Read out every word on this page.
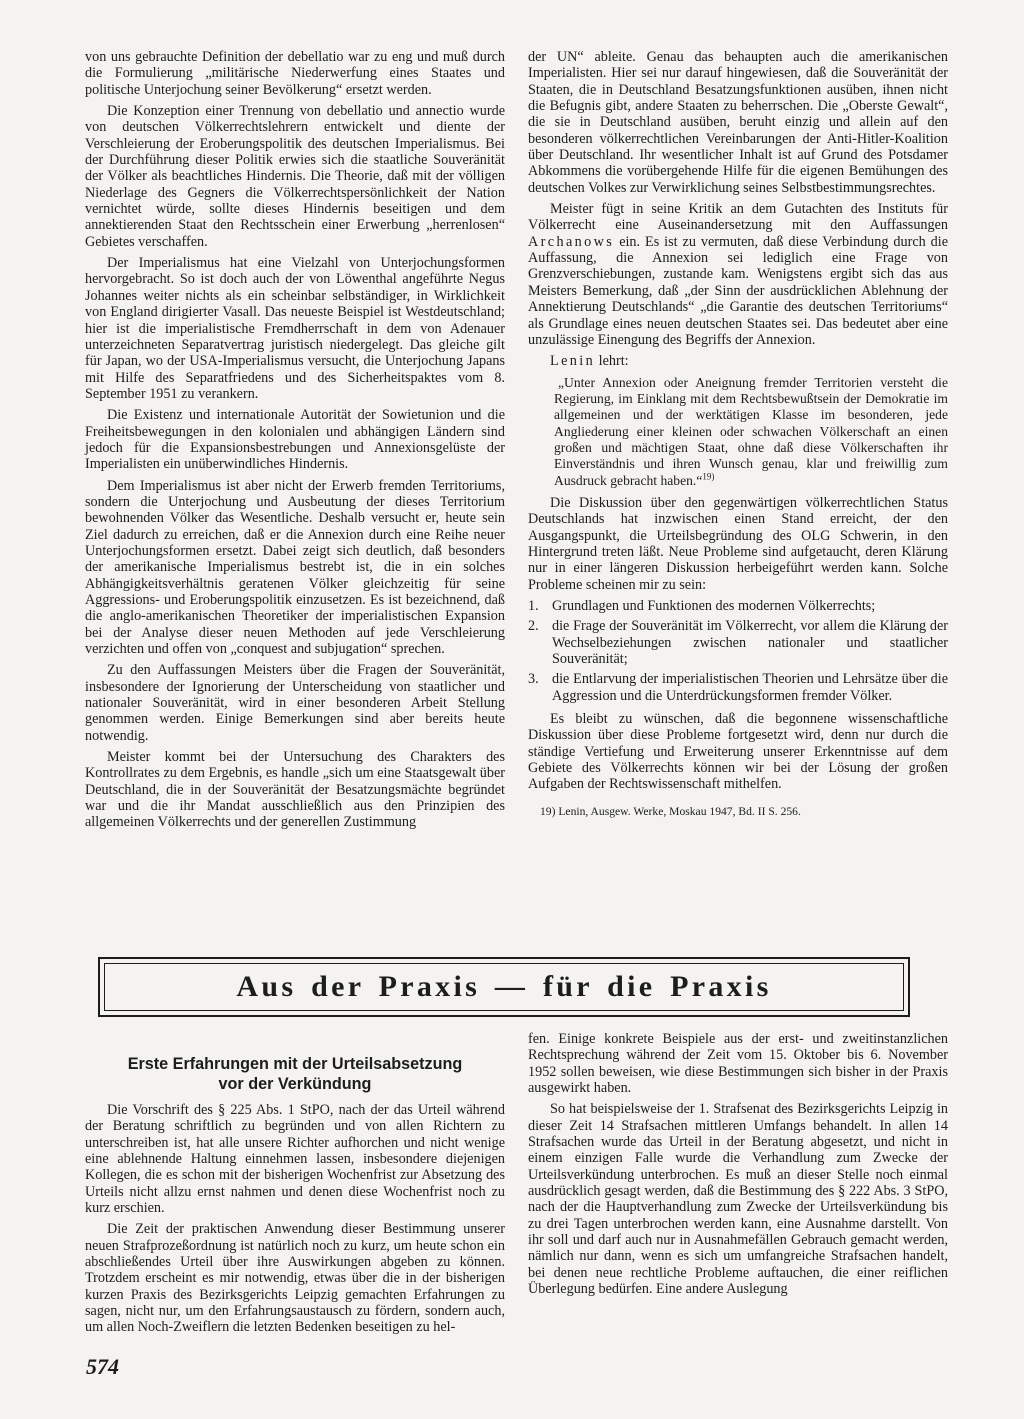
von uns gebrauchte Definition der debellatio war zu eng und muß durch die Formulierung „militärische Niederwerfung eines Staates und politische Unterjochung seiner Bevölkerung“ ersetzt werden.

Die Konzeption einer Trennung von debellatio und annectio wurde von deutschen Völkerrechtslehrern entwickelt und diente der Verschleierung der Eroberungspolitik des deutschen Imperialismus. Bei der Durchführung dieser Politik erwies sich die staatliche Souveränität der Völker als beachtliches Hindernis. Die Theorie, daß mit der völligen Niederlage des Gegners die Völkerrechtspersönlichkeit der Nation vernichtet würde, sollte dieses Hindernis beseitigen und dem annektierenden Staat den Rechtsschein einer Erwerbung „herrenlosen“ Gebietes verschaffen.

Der Imperialismus hat eine Vielzahl von Unterjochungsformen hervorgebracht. So ist doch auch der von Löwenthal angeführte Negus Johannes weiter nichts als ein scheinbar selbständiger, in Wirklichkeit von England dirigierter Vasall. Das neueste Beispiel ist Westdeutschland; hier ist die imperialistische Fremdherrschaft in dem von Adenauer unterzeichneten Separatvertrag juristisch niedergelegt. Das gleiche gilt für Japan, wo der USA-Imperialismus versucht, die Unterjochung Japans mit Hilfe des Separatfriedens und des Sicherheitspaktes vom 8. September 1951 zu verankern.

Die Existenz und internationale Autorität der Sowietunion und die Freiheitsbewegungen in den kolonialen und abhängigen Ländern sind jedoch für die Expansionsbestrebungen und Annexionsgelüste der Imperialisten ein unüberwindliches Hindernis.

Dem Imperialismus ist aber nicht der Erwerb fremden Territoriums, sondern die Unterjochung und Ausbeutung der dieses Territorium bewohnenden Völker das Wesentliche. Deshalb versucht er, heute sein Ziel dadurch zu erreichen, daß er die Annexion durch eine Reihe neuer Unterjochungsformen ersetzt. Dabei zeigt sich deutlich, daß besonders der amerikanische Imperialismus bestrebt ist, die in ein solches Abhängigkeitsverhältnis geratenen Völker gleichzeitig für seine Aggressions- und Eroberungspolitik einzusetzen. Es ist bezeichnend, daß die anglo-amerikanischen Theoretiker der imperialistischen Expansion bei der Analyse dieser neuen Methoden auf jede Verschleierung verzichten und offen von „conquest and subjugation“ sprechen.

Zu den Auffassungen Meisters über die Fragen der Souveränität, insbesondere der Ignorierung der Unterscheidung von staatlicher und nationaler Souveränität, wird in einer besonderen Arbeit Stellung genommen werden. Einige Bemerkungen sind aber bereits heute notwendig.

Meister kommt bei der Untersuchung des Charakters des Kontrollrates zu dem Ergebnis, es handle „sich um eine Staatsgewalt über Deutschland, die in der Souveränität der Besatzungsmächte begründet war und die ihr Mandat ausschließlich aus den Prinzipien des allgemeinen Völkerrechts und der generellen Zustimmung

der UN“ ableite. Genau das behaupten auch die amerikanischen Imperialisten. Hier sei nur darauf hingewiesen, daß die Souveränität der Staaten, die in Deutschland Besatzungsfunktionen ausüben, ihnen nicht die Befugnis gibt, andere Staaten zu beherrschen. Die „Oberste Gewalt“, die sie in Deutschland ausüben, beruht einzig und allein auf den besonderen völkerrechtlichen Vereinbarungen der Anti-Hitler-Koalition über Deutschland. Ihr wesentlicher Inhalt ist auf Grund des Potsdamer Abkommens die vorübergehende Hilfe für die eigenen Bemühungen des deutschen Volkes zur Verwirklichung seines Selbstbestimmungsrechtes.

Meister fügt in seine Kritik an dem Gutachten des Instituts für Völkerrecht eine Auseinandersetzung mit den Auffassungen Archanows ein. Es ist zu vermuten, daß diese Verbindung durch die Auffassung, die Annexion sei lediglich eine Frage von Grenzverschiebungen, zustande kam. Wenigstens ergibt sich das aus Meisters Bemerkung, daß „der Sinn der ausdrücklichen Ablehnung der Annektierung Deutschlands“ „die Garantie des deutschen Territoriums“ als Grundlage eines neuen deutschen Staates sei. Das bedeutet aber eine unzulässige Einengung des Begriffs der Annexion.

Lenin lehrt:

„Unter Annexion oder Aneignung fremder Territorien versteht die Regierung, im Einklang mit dem Rechtsbewußtsein der Demokratie im allgemeinen und der werktätigen Klasse im besonderen, jede Angliederung einer kleinen oder schwachen Völkerschaft an einen großen und mächtigen Staat, ohne daß diese Völkerschaften ihr Einverständnis und ihren Wunsch genau, klar und freiwillig zum Ausdruck gebracht haben.“$^{19)}$

Die Diskussion über den gegenwärtigen völkerrechtlichen Status Deutschlands hat inzwischen einen Stand erreicht, der den Ausgangspunkt, die Urteilsbegründung des OLG Schwerin, in den Hintergrund treten läßt. Neue Probleme sind aufgetaucht, deren Klärung nur in einer längeren Diskussion herbeigeführt werden kann. Solche Probleme scheinen mir zu sein:

1. Grundlagen und Funktionen des modernen Völkerrechts;
2. die Frage der Souveränität im Völkerrecht, vor allem die Klärung der Wechselbeziehungen zwischen nationaler und staatlicher Souveränität;
3. die Entlarvung der imperialistischen Theorien und Lehrsätze über die Aggression und die Unterdrückungsformen fremder Völker.

Es bleibt zu wünschen, daß die begonnene wissenschaftliche Diskussion über diese Probleme fortgesetzt wird, denn nur durch die ständige Vertiefung und Erweiterung unserer Erkenntnisse auf dem Gebiete des Völkerrechts können wir bei der Lösung der großen Aufgaben der Rechtswissenschaft mithelfen.

19) Lenin, Ausgew. Werke, Moskau 1947, Bd. II S. 256.
Aus der Praxis — für die Praxis
Erste Erfahrungen mit der Urteilsabsetzung
vor der Verkündung

Die Vorschrift des § 225 Abs. 1 StPO, nach der das Urteil während der Beratung schriftlich zu begründen und von allen Richtern zu unterschreiben ist, hat alle unsere Richter aufhorchen und nicht wenige eine ablehnende Haltung einnehmen lassen, insbesondere diejenigen Kollegen, die es schon mit der bisherigen Wochenfrist zur Absetzung des Urteils nicht allzu ernst nahmen und denen diese Wochenfrist noch zu kurz erschien.

Die Zeit der praktischen Anwendung dieser Bestimmung unserer neuen Strafprozeßordnung ist natürlich noch zu kurz, um heute schon ein abschließendes Urteil über ihre Auswirkungen abgeben zu können. Trotzdem erscheint es mir notwendig, etwas über die in der bisherigen kurzen Praxis des Bezirksgerichts Leipzig gemachten Erfahrungen zu sagen, nicht nur, um den Erfahrungsaustausch zu fördern, sondern auch, um allen Noch-Zweiflern die letzten Bedenken beseitigen zu hel-

fen. Einige konkrete Beispiele aus der erst- und zweitinstanzlichen Rechtsprechung während der Zeit vom 15. Oktober bis 6. November 1952 sollen beweisen, wie diese Bestimmungen sich bisher in der Praxis ausgewirkt haben.

So hat beispielsweise der 1. Strafsenat des Bezirksgerichts Leipzig in dieser Zeit 14 Strafsachen mittleren Umfangs behandelt. In allen 14 Strafsachen wurde das Urteil in der Beratung abgesetzt, und nicht in einem einzigen Falle wurde die Verhandlung zum Zwecke der Urteilsverkündung unterbrochen. Es muß an dieser Stelle noch einmal ausdrücklich gesagt werden, daß die Bestimmung des § 222 Abs. 3 StPO, nach der die Hauptverhandlung zum Zwecke der Urteilsverkündung bis zu drei Tagen unterbrochen werden kann, eine Ausnahme darstellt. Von ihr soll und darf auch nur in Ausnahmefällen Gebrauch gemacht werden, nämlich nur dann, wenn es sich um umfangreiche Strafsachen handelt, bei denen neue rechtliche Probleme auftauchen, die einer reiflichen Überlegung bedürfen. Eine andere Auslegung

574
